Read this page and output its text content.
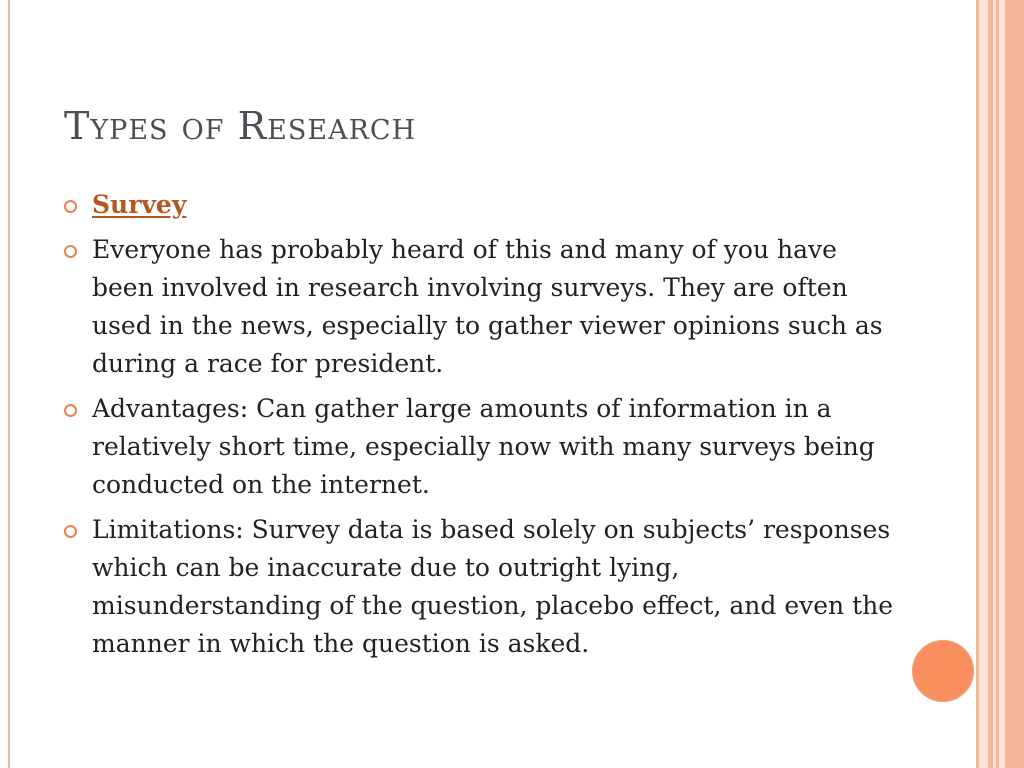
Types of Research
Survey
Everyone has probably heard of this and many of you have been involved in research involving surveys. They are often used in the news, especially to gather viewer opinions such as during a race for president.
Advantages: Can gather large amounts of information in a relatively short time, especially now with many surveys being conducted on the internet.
Limitations: Survey data is based solely on subjects’ responses which can be inaccurate due to outright lying, misunderstanding of the question, placebo effect, and even the manner in which the question is asked.
